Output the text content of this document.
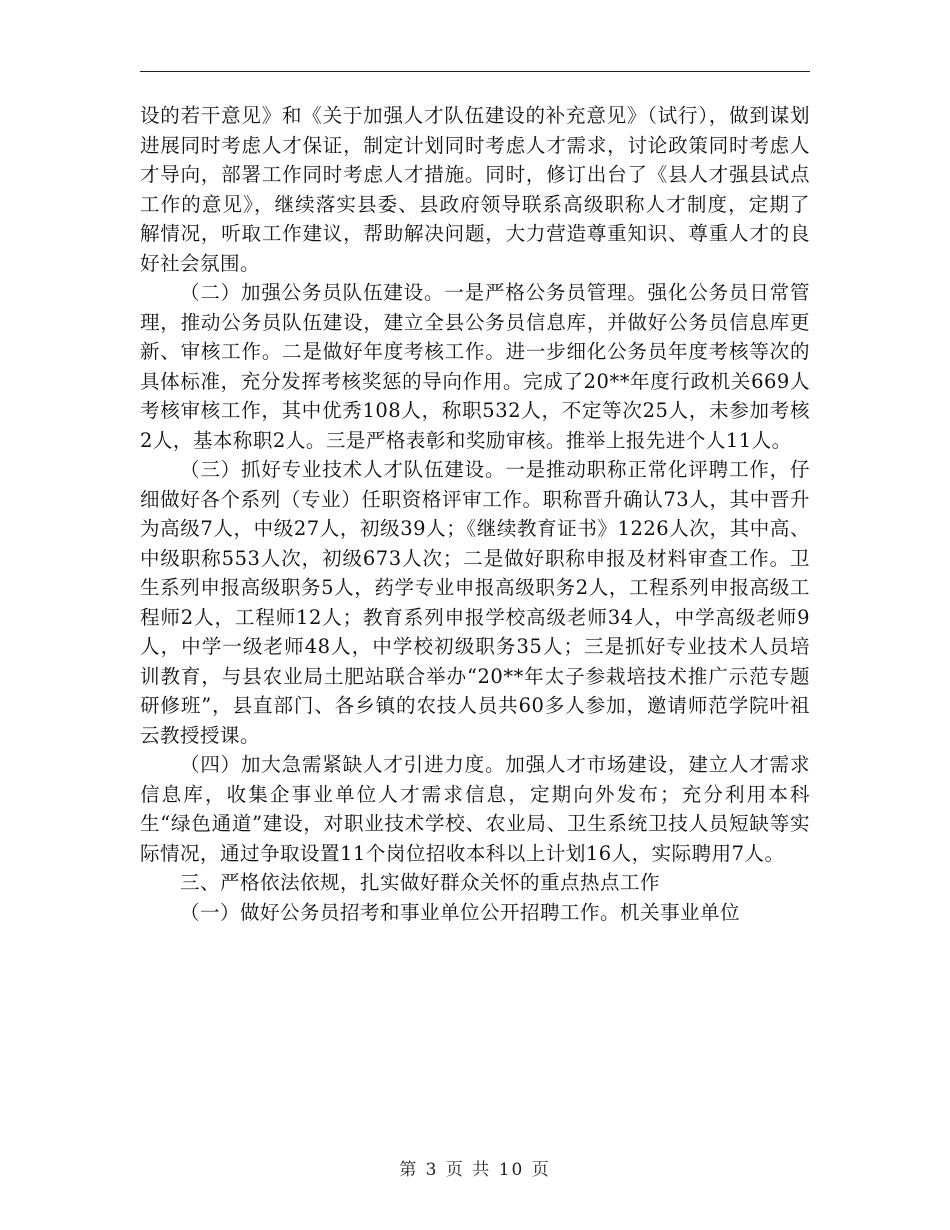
设的若干意见》和《关于加强人才队伍建设的补充意见》（试行），做到谋划进展同时考虑人才保证，制定计划同时考虑人才需求，讨论政策同时考虑人才导向，部署工作同时考虑人才措施。同时，修订出台了《县人才强县试点工作的意见》，继续落实县委、县政府领导联系高级职称人才制度，定期了解情况，听取工作建议，帮助解决问题，大力营造尊重知识、尊重人才的良好社会氛围。

（二）加强公务员队伍建设。一是严格公务员管理。强化公务员日常管理，推动公务员队伍建设，建立全县公务员信息库，并做好公务员信息库更新、审核工作。二是做好年度考核工作。进一步细化公务员年度考核等次的具体标准，充分发挥考核奖惩的导向作用。完成了20**年度行政机关669人考核审核工作，其中优秀108人，称职532人，不定等次25人，未参加考核2人，基本称职2人。三是严格表彰和奖励审核。推举上报先进个人11人。

（三）抓好专业技术人才队伍建设。一是推动职称正常化评聘工作，仔细做好各个系列（专业）任职资格评审工作。职称晋升确认73人，其中晋升为高级7人，中级27人，初级39人；《继续教育证书》1226人次，其中高、中级职称553人次，初级673人次；二是做好职称申报及材料审查工作。卫生系列申报高级职务5人，药学专业申报高级职务2人，工程系列申报高级工程师2人，工程师12人；教育系列申报学校高级老师34人，中学高级老师9人，中学一级老师48人，中学校初级职务35人；三是抓好专业技术人员培训教育，与县农业局土肥站联合举办“20**年太子参栽培技术推广示范专题研修班”，县直部门、各乡镇的农技人员共60多人参加，邀请师范学院叶祖云教授授课。

（四）加大急需紧缺人才引进力度。加强人才市场建设，建立人才需求信息库，收集企事业单位人才需求信息，定期向外发布；充分利用本科生“绿色通道”建设，对职业技术学校、农业局、卫生系统卫技人员短缺等实际情况，通过争取设置11个岗位招收本科以上计划16人，实际聘用7人。

三、严格依法依规，扎实做好群众关怀的重点热点工作

（一）做好公务员招考和事业单位公开招聘工作。机关事业单位

第 3 页 共 10 页
